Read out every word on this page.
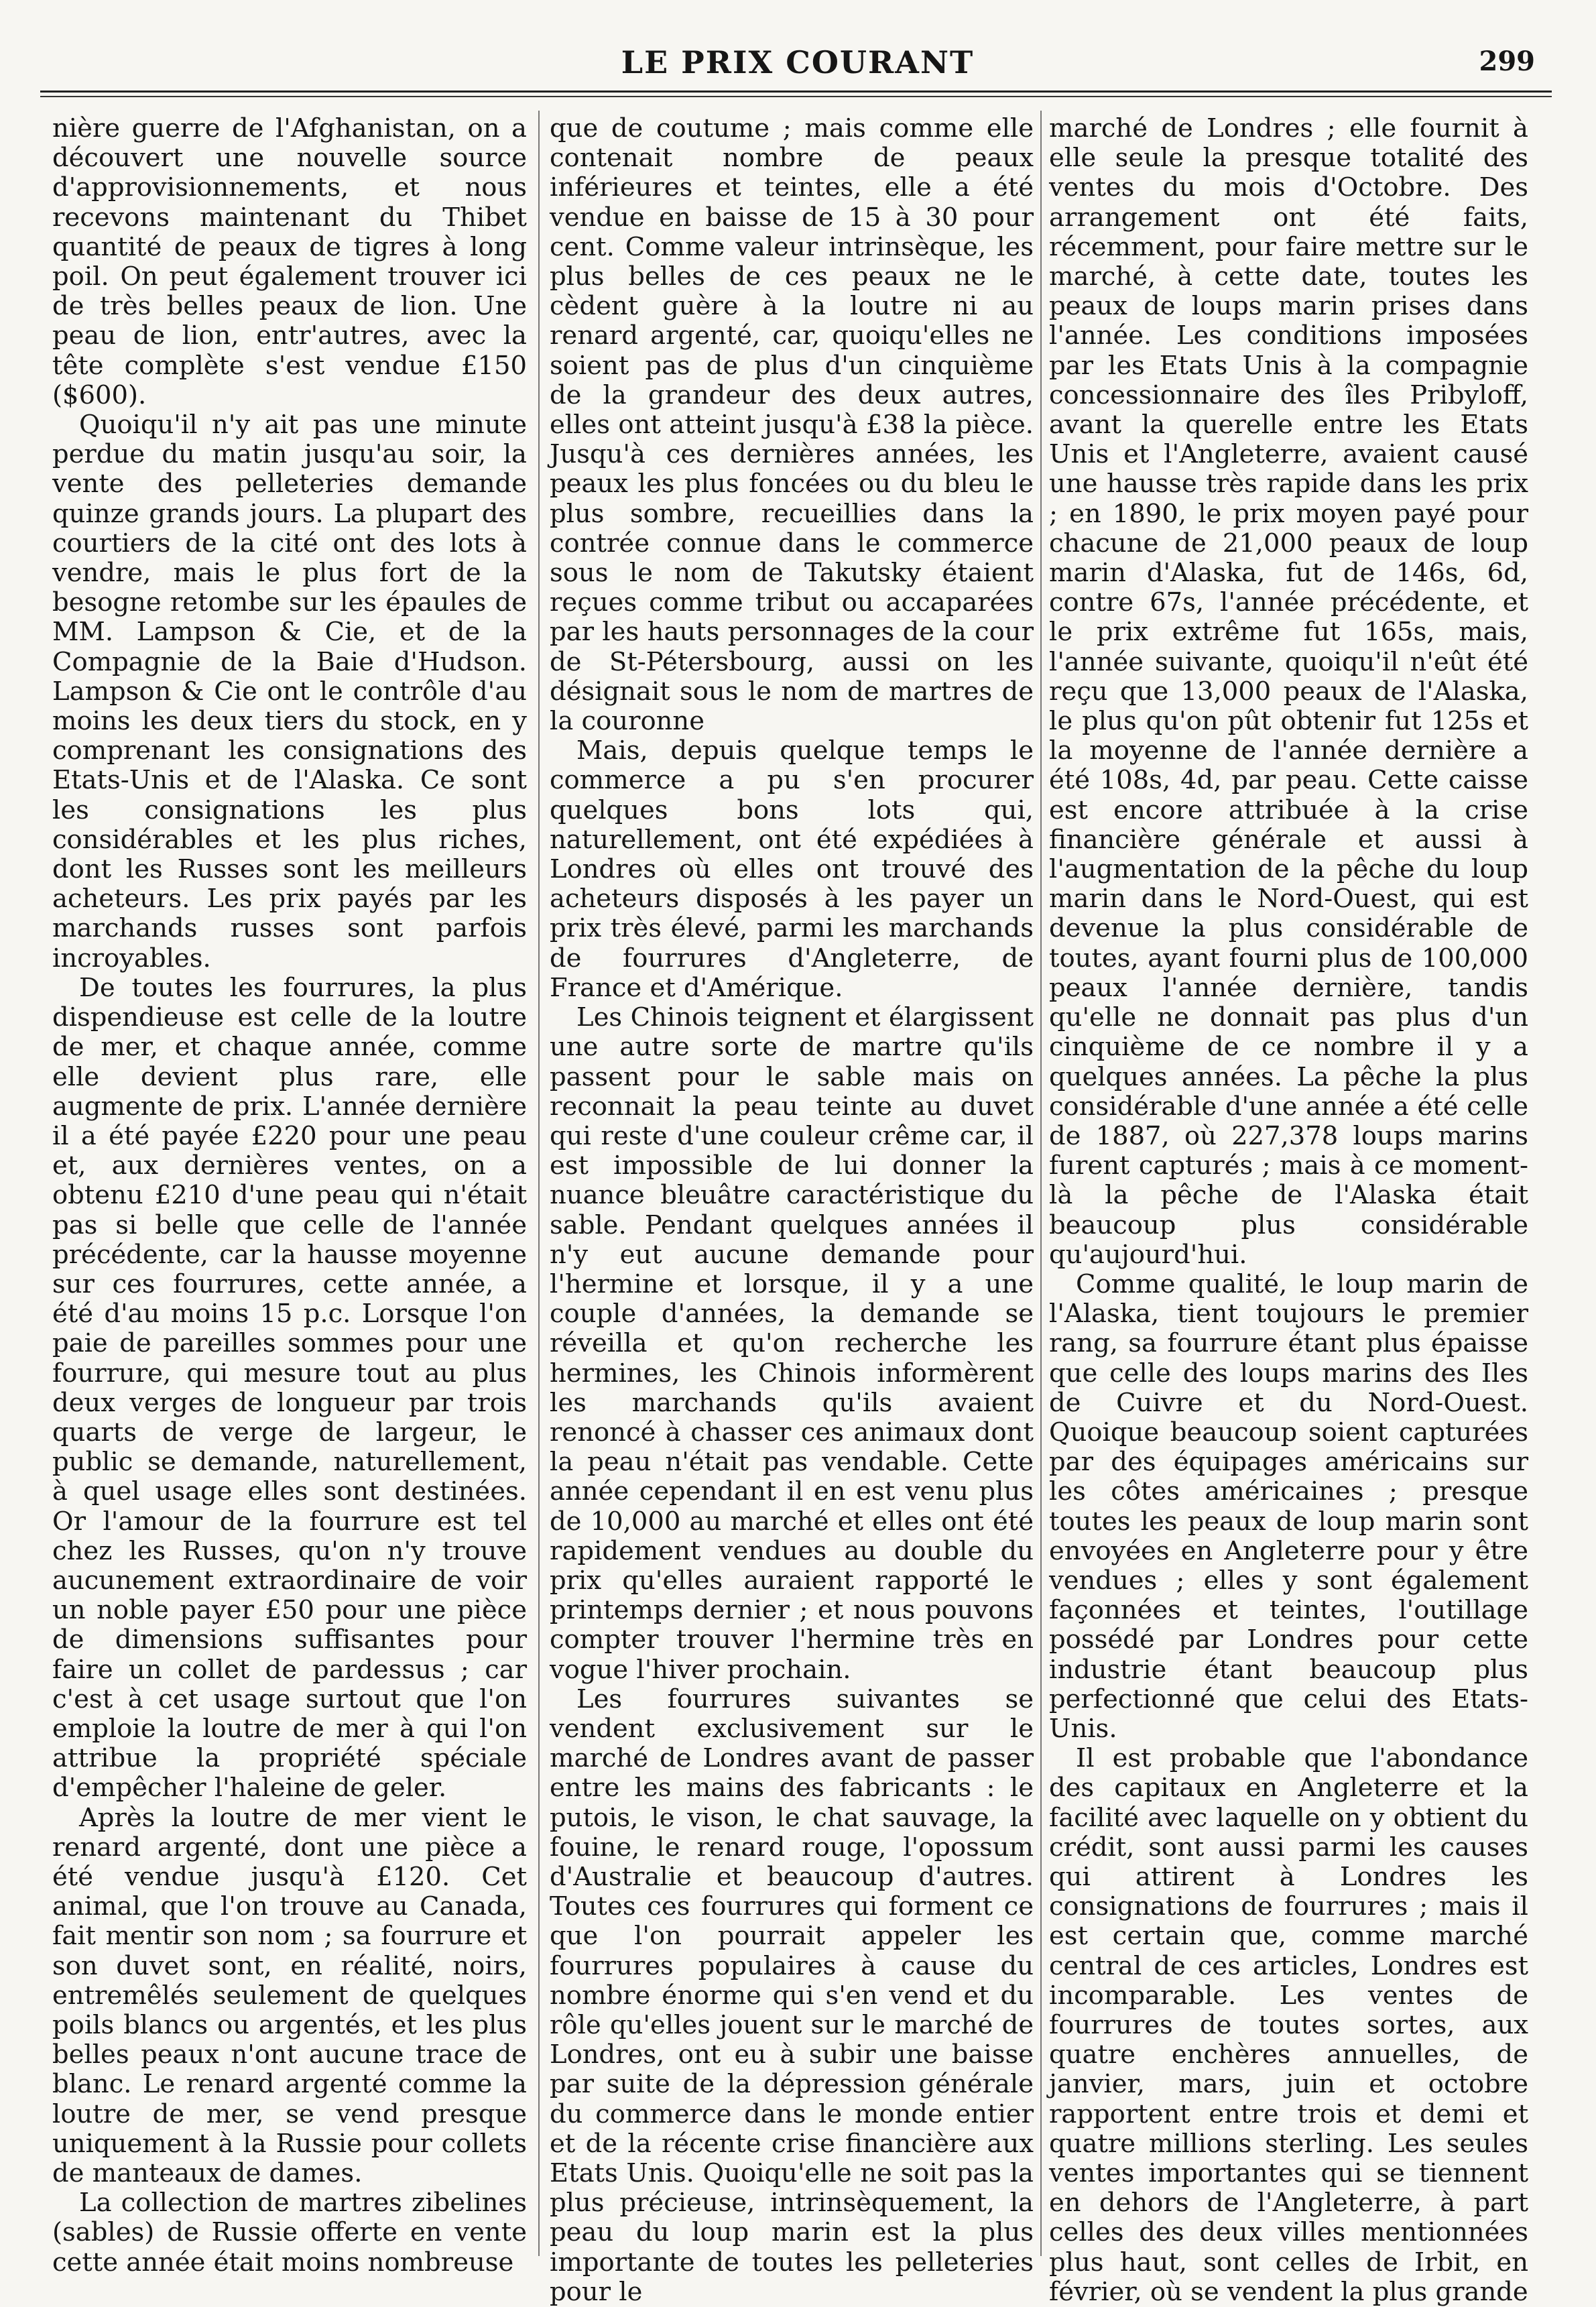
LE PRIX COURANT	299

nière guerre de l'Afghanistan, on a découvert une nouvelle source d'approvisionnements, et nous recevons maintenant du Thibet quantité de peaux de tigres à long poil. On peut également trouver ici de très belles peaux de lion. Une peau de lion, entr'autres, avec la tête complète s'est vendue £150 ($600).

Quoiqu'il n'y ait pas une minute perdue du matin jusqu'au soir, la vente des pelleteries demande quinze grands jours. La plupart des courtiers de la cité ont des lots à vendre, mais le plus fort de la besogne retombe sur les épaules de MM. Lampson & Cie, et de la Compagnie de la Baie d'Hudson. Lampson & Cie ont le contrôle d'au moins les deux tiers du stock, en y comprenant les consignations des Etats-Unis et de l'Alaska. Ce sont les consignations les plus considérables et les plus riches, dont les Russes sont les meilleurs acheteurs. Les prix payés par les marchands russes sont parfois incroyables.

De toutes les fourrures, la plus dispendieuse est celle de la loutre de mer, et chaque année, comme elle devient plus rare, elle augmente de prix. L'année dernière il a été payée £220 pour une peau et, aux dernières ventes, on a obtenu £210 d'une peau qui n'était pas si belle que celle de l'année précédente, car la hausse moyenne sur ces fourrures, cette année, a été d'au moins 15 p.c. Lorsque l'on paie de pareilles sommes pour une fourrure, qui mesure tout au plus deux verges de longueur par trois quarts de verge de largeur, le public se demande, naturellement, à quel usage elles sont destinées. Or l'amour de la fourrure est tel chez les Russes, qu'on n'y trouve aucunement extraordinaire de voir un noble payer £50 pour une pièce de dimensions suffisantes pour faire un collet de pardessus ; car c'est à cet usage surtout que l'on emploie la loutre de mer à qui l'on attribue la propriété spéciale d'empêcher l'haleine de geler.

Après la loutre de mer vient le renard argenté, dont une pièce a été vendue jusqu'à £120. Cet animal, que l'on trouve au Canada, fait mentir son nom ; sa fourrure et son duvet sont, en réalité, noirs, entremêlés seulement de quelques poils blancs ou argentés, et les plus belles peaux n'ont aucune trace de blanc. Le renard argenté comme la loutre de mer, se vend presque uniquement à la Russie pour collets de manteaux de dames.

La collection de martres zibelines (sables) de Russie offerte en vente cette année était moins nombreuse

que de coutume ; mais comme elle contenait nombre de peaux inférieures et teintes, elle a été vendue en baisse de 15 à 30 pour cent. Comme valeur intrinsèque, les plus belles de ces peaux ne le cèdent guère à la loutre ni au renard argenté, car, quoiqu'elles ne soient pas de plus d'un cinquième de la grandeur des deux autres, elles ont atteint jusqu'à £38 la pièce. Jusqu'à ces dernières années, les peaux les plus foncées ou du bleu le plus sombre, recueillies dans la contrée connue dans le commerce sous le nom de Takutsky étaient reçues comme tribut ou accaparées par les hauts personnages de la cour de St-Pétersbourg, aussi on les désignait sous le nom de martres de la couronne

Mais, depuis quelque temps le commerce a pu s'en procurer quelques bons lots qui, naturellement, ont été expédiées à Londres où elles ont trouvé des acheteurs disposés à les payer un prix très élevé, parmi les marchands de fourrures d'Angleterre, de France et d'Amérique.

Les Chinois teignent et élargissent une autre sorte de martre qu'ils passent pour le sable mais on reconnait la peau teinte au duvet qui reste d'une couleur crême car, il est impossible de lui donner la nuance bleuâtre caractéristique du sable. Pendant quelques années il n'y eut aucune demande pour l'hermine et lorsque, il y a une couple d'années, la demande se réveilla et qu'on recherche les hermines, les Chinois informèrent les marchands qu'ils avaient renoncé à chasser ces animaux dont la peau n'était pas vendable. Cette année cependant il en est venu plus de 10,000 au marché et elles ont été rapidement vendues au double du prix qu'elles auraient rapporté le printemps dernier ; et nous pouvons compter trouver l'hermine très en vogue l'hiver prochain.

Les fourrures suivantes se vendent exclusivement sur le marché de Londres avant de passer entre les mains des fabricants : le putois, le vison, le chat sauvage, la fouine, le renard rouge, l'opossum d'Australie et beaucoup d'autres. Toutes ces fourrures qui forment ce que l'on pourrait appeler les fourrures populaires à cause du nombre énorme qui s'en vend et du rôle qu'elles jouent sur le marché de Londres, ont eu à subir une baisse par suite de la dépression générale du commerce dans le monde entier et de la récente crise financière aux Etats Unis. Quoiqu'elle ne soit pas la plus précieuse, intrinsèquement, la peau du loup marin est la plus importante de toutes les pelleteries pour le

marché de Londres ; elle fournit à elle seule la presque totalité des ventes du mois d'Octobre. Des arrangement ont été faits, récemment, pour faire mettre sur le marché, à cette date, toutes les peaux de loups marin prises dans l'année. Les conditions imposées par les Etats Unis à la compagnie concessionnaire des îles Pribyloff, avant la querelle entre les Etats Unis et l'Angleterre, avaient causé une hausse très rapide dans les prix ; en 1890, le prix moyen payé pour chacune de 21,000 peaux de loup marin d'Alaska, fut de 146s, 6d, contre 67s, l'année précédente, et le prix extrême fut 165s, mais, l'année suivante, quoiqu'il n'eût été reçu que 13,000 peaux de l'Alaska, le plus qu'on pût obtenir fut 125s et la moyenne de l'année dernière a été 108s, 4d, par peau. Cette caisse est encore attribuée à la crise financière générale et aussi à l'augmentation de la pêche du loup marin dans le Nord-Ouest, qui est devenue la plus considérable de toutes, ayant fourni plus de 100,000 peaux l'année dernière, tandis qu'elle ne donnait pas plus d'un cinquième de ce nombre il y a quelques années. La pêche la plus considérable d'une année a été celle de 1887, où 227,378 loups marins furent capturés ; mais à ce moment-là la pêche de l'Alaska était beaucoup plus considérable qu'aujourd'hui.

Comme qualité, le loup marin de l'Alaska, tient toujours le premier rang, sa fourrure étant plus épaisse que celle des loups marins des Iles de Cuivre et du Nord-Ouest. Quoique beaucoup soient capturées par des équipages américains sur les côtes américaines ; presque toutes les peaux de loup marin sont envoyées en Angleterre pour y être vendues ; elles y sont également façonnées et teintes, l'outillage possédé par Londres pour cette industrie étant beaucoup plus perfectionné que celui des Etats-Unis.

Il est probable que l'abondance des capitaux en Angleterre et la facilité avec laquelle on y obtient du crédit, sont aussi parmi les causes qui attirent à Londres les consignations de fourrures ; mais il est certain que, comme marché central de ces articles, Londres est incomparable. Les ventes de fourrures de toutes sortes, aux quatre enchères annuelles, de janvier, mars, juin et octobre rapportent entre trois et demi et quatre millions sterling. Les seules ventes importantes qui se tiennent en dehors de l'Angleterre, à part celles des deux villes mentionnées plus haut, sont celles de Irbit, en février, où se vendent la plus grande
